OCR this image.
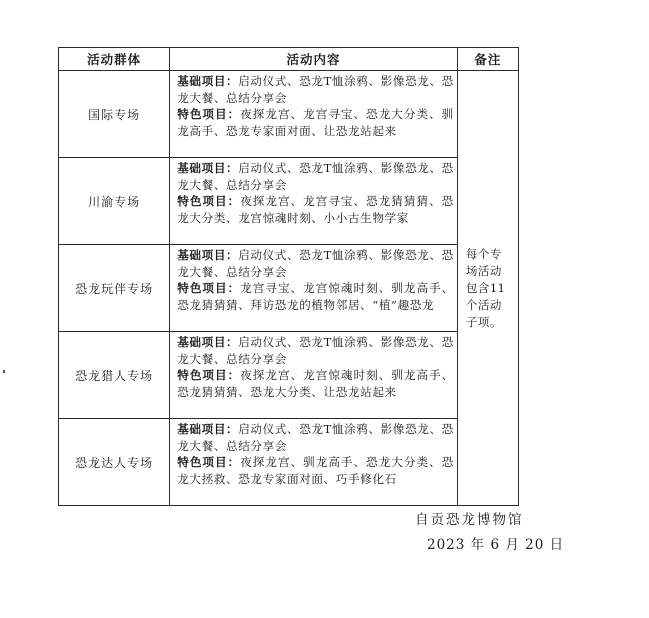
活动群体	活动内容	备注
国际专场	基础项目：启动仪式、恐龙T恤涂鸦、影像恐龙、恐龙大餐、总结分享会
特色项目：夜探龙宫、龙宫寻宝、恐龙大分类、驯龙高手、恐龙专家面对面、让恐龙站起来	每个专场活动包含11个活动子项。
川渝专场	基础项目：启动仪式、恐龙T恤涂鸦、影像恐龙、恐龙大餐、总结分享会
特色项目：夜探龙宫、龙宫寻宝、恐龙猜猜猜、恐龙大分类、龙宫惊魂时刻、小小古生物学家	
恐龙玩伴专场	基础项目：启动仪式、恐龙T恤涂鸦、影像恐龙、恐龙大餐、总结分享会
特色项目：龙宫寻宝、龙宫惊魂时刻、驯龙高手、恐龙猜猜猜、拜访恐龙的植物邻居、“植”趣恐龙	
恐龙猎人专场	基础项目：启动仪式、恐龙T恤涂鸦、影像恐龙、恐龙大餐、总结分享会
特色项目：夜探龙宫、龙宫惊魂时刻、驯龙高手、恐龙猜猜猜、恐龙大分类、让恐龙站起来	
恐龙达人专场	基础项目：启动仪式、恐龙T恤涂鸦、影像恐龙、恐龙大餐、总结分享会
特色项目：夜探龙宫、驯龙高手、恐龙大分类、恐龙大拯救、恐龙专家面对面、巧手修化石	
自贡恐龙博物馆
2023 年 6 月 20 日
